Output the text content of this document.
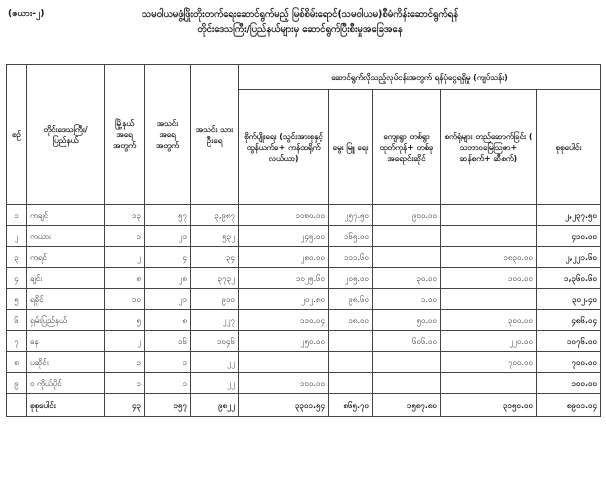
(ဇယား-၂)	သမဝါယမဖွံ့ဖြိုးတိုးတက်ရေးဆောင်ရွက်မည့် မြစ်စိမ်းရောင်(သမဝါယမ)စီမံကိန်းဆောင်ရွက်ရန်
တိုင်းဒေသကြီး/ပြည်နယ်များမှ ဆောင်ရွက်ပြီးစီးမှုအခြေအနေ
စဉ်	တိုင်းဒေသကြီး/ ပြည်နယ်	မြို့နယ် အရေ အတွက်	အသင်း အရေ အတွက်	အသင်း သား ဦးရေ	ဆောင်ရွက်လိုသည့်လုပ်ငန်းအတွက် ရန်ပုံငွေရရှိမှု (ကျပ်သန်း)				
					စိုက်ပျိုးရေး (သွင်းအားစုနှင့် ထွန်ယက်ခ+ ကန်ထရိုက် လယ်ယာ)	မွေး မြူ ရေး	ကျေးရွာ တစ်ရွာ ထုတ်ကုန်+ တစ်ခု အရောင်းဆိုင်	စက်ရုံများ တည်ဆောက်ခြင်း ( သဘာဝမြေဩဇာ+ ဆန်စက်+ ဆီစက်)	စုစုပေါင်း
၁	ကချင်	၁၃	၅၇	၃,၉၈၇	၁၀၈၀.၀၀	၂၅၇.၅၀	၉၀၀.၀၀		၂,၂၃၇.၅၀
၂	ကယား	၁	၂၁	၅၃၂	၂၄၅.၀၀	၁၆၅.၀၀			၄၁၀.၀၀
၃	ကရင်	၂	၄	၃၄	၂၈၀.၀၀	၁၁၁.၆၀		၁၈၃၀.၀၀	၂,၂၂၁.၆၀
၄	ချင်း	၈	၂၈	၃၇၃၂	၁၀၂၅.၆၀	၂၀၅.၀၀	၃၀.၀၀	၁၀၀.၀၀	၁,၃၆၀.၆၀
၅	ရခိုင်	၁၀	၂၁	၉၁၀	၂၀၂.၈၀	၉၈.၆၀	၁.၀၀		၃၀၂.၄၀
၆	ရှမ်းပြည်နယ်	၅	၈	၂၂၇	၁၁၀.၀၄	၁၈.၀၀	၅၀.၀၀	၃၀၀.၀၀	၄၈၆.၀၄
၇	နေ	၂	၁၆	၁၀၄၆	၂၅၀.၀၀		၆၀၆.၀၀	၂၂၀.၀၀	၁၀၇၆.၀၀
၈	ပဆိုင်း	၁	၁	၂၂				၇၀၀.၀၀	၇၀၀.၀၀
၉	ဝ ကိုယ်ပိုင်	၁	၁	၂၂	၁၀၀.၀၀				၁၀၀.၀၀
	စုစုပေါင်း	၄၃	၁၅၇	၉၈၂၂	၃၃၀၁.၅၄	၈၆၅.၇၀	၁၅၈၇.၈၀	၃၁၅၀.၀၀	၈၉၀၁.၀၄
